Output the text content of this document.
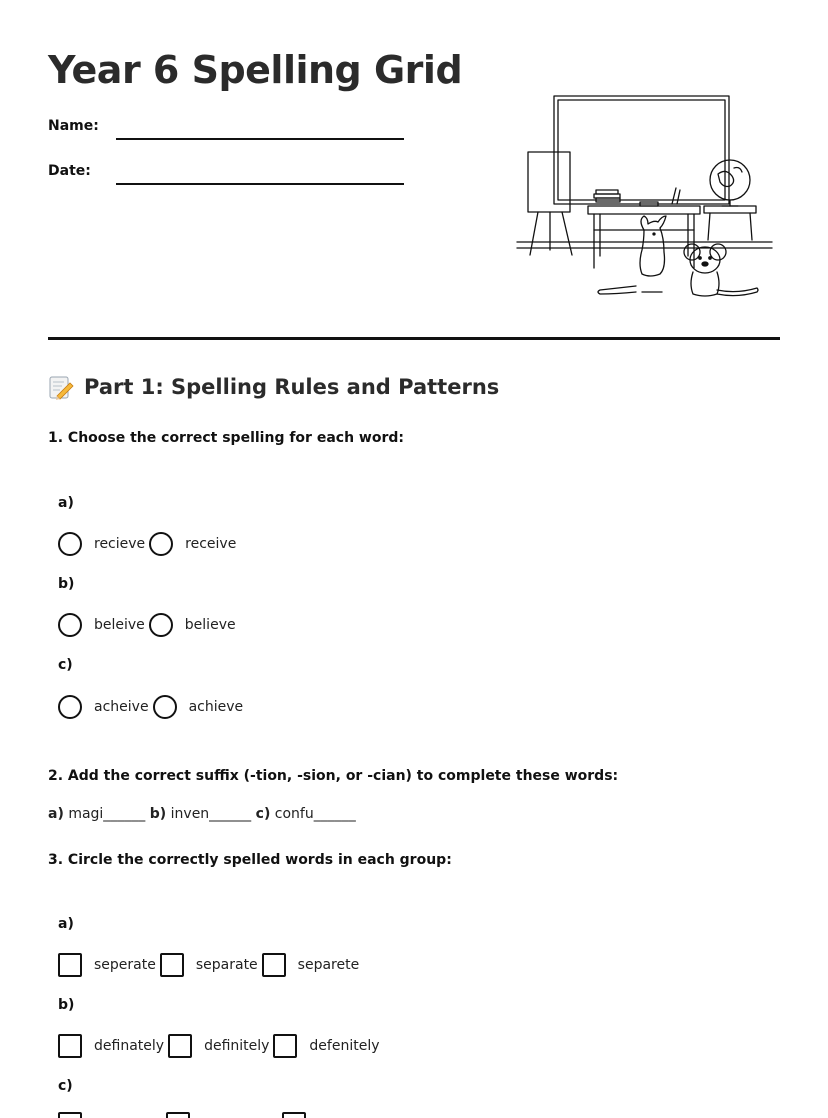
Year 6 Spelling Grid
Name:
Date:
Part 1: Spelling Rules and Patterns
1. Choose the correct spelling for each word:
a)
recieve	receive
b)
beleive	believe
c)
acheive	achieve
2. Add the correct suffix (-tion, -sion, or -cian) to complete these words:
a) magi______ b) inven______ c) confu______
3. Circle the correctly spelled words in each group:
a)
seperate	separate	separete
b)
definately	definitely	defenitely
c)
